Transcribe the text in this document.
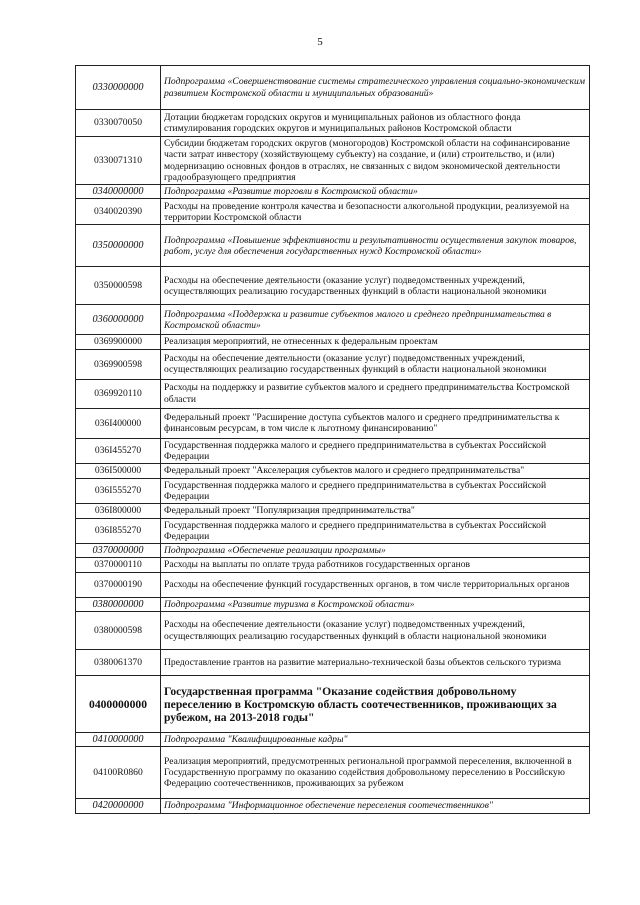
5
0330000000	Подпрограмма «Совершенствование системы стратегического управления социально-экономическим развитием Костромской области и муниципальных образований»
0330070050	Дотации бюджетам городских округов и муниципальных районов из областного фонда стимулирования городских округов и муниципальных районов Костромской области
0330071310	Субсидии бюджетам городских округов (моногородов) Костромской области на софинансирование части затрат инвестору (хозяйствующему субъекту) на создание, и (или) строительство, и (или) модернизацию основных фондов в отраслях, не связанных с видом экономической деятельности градообразующего предприятия
0340000000	Подпрограмма «Развитие торговли в Костромской области»
0340020390	Расходы на проведение контроля качества и безопасности алкогольной продукции, реализуемой на территории Костромской области
0350000000	Подпрограмма «Повышение эффективности и результативности осуществления закупок товаров, работ, услуг для обеспечения государственных нужд Костромской области»
0350000598	Расходы на обеспечение деятельности (оказание услуг) подведомственных учреждений, осуществляющих реализацию государственных функций в области национальной экономики
0360000000	Подпрограмма «Поддержка и развитие субъектов малого и среднего предпринимательства в Костромской области»
0369900000	Реализация мероприятий, не отнесенных к федеральным проектам
0369900598	Расходы на обеспечение деятельности (оказание услуг) подведомственных учреждений, осуществляющих реализацию государственных функций в области национальной экономики
0369920110	Расходы на поддержку и развитие субъектов малого и среднего предпринимательства Костромской области
036I400000	Федеральный проект "Расширение доступа субъектов малого и среднего предпринимательства к финансовым ресурсам, в том числе к льготному финансированию"
036I455270	Государственная поддержка малого и среднего предпринимательства в субъектах Российской Федерации
036I500000	Федеральный проект "Акселерация субъектов малого и среднего предпринимательства"
036I555270	Государственная поддержка малого и среднего предпринимательства в субъектах Российской Федерации
036I800000	Федеральный проект "Популяризация предпринимательства"
036I855270	Государственная поддержка малого и среднего предпринимательства в субъектах Российской Федерации
0370000000	Подпрограмма «Обеспечение реализации программы»
0370000110	Расходы на выплаты по оплате труда работников государственных органов
0370000190	Расходы на обеспечение функций государственных органов, в том числе территориальных органов
0380000000	Подпрограмма «Развитие туризма в Костромской области»
0380000598	Расходы на обеспечение деятельности (оказание услуг) подведомственных учреждений, осуществляющих реализацию государственных функций в области национальной экономики
0380061370	Предоставление грантов на развитие материально-технической базы объектов сельского туризма
0400000000	Государственная программа "Оказание содействия добровольному переселению в Костромскую область соотечественников, проживающих за рубежом, на 2013-2018 годы"
0410000000	Подпрограмма "Квалифицированные кадры"
04100R0860	Реализация мероприятий, предусмотренных региональной программой переселения, включенной в Государственную программу по оказанию содействия добровольному переселению в Российскую Федерацию соотечественников, проживающих за рубежом
0420000000	Подпрограмма "Информационное обеспечение переселения соотечественников"
